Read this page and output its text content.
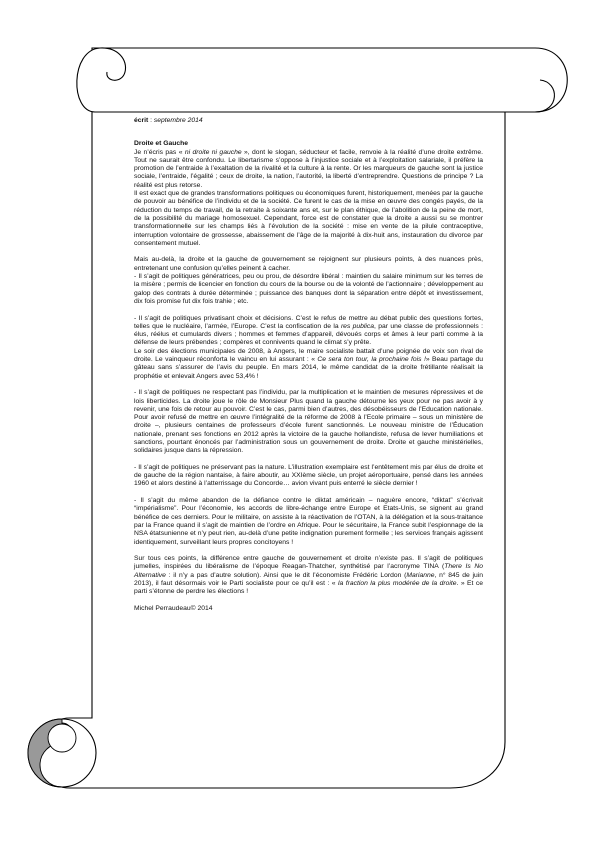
écrit : septembre 2014

Droite et Gauche

Je n’écris pas « ni droite ni gauche », dont le slogan, séducteur et facile, renvoie à la réalité d’une droite extrême. Tout ne saurait être confondu. Le libertarisme s’oppose à l’injustice sociale et à l’exploitation salariale, il préfère la promotion de l’entraide à l’exaltation de la rivalité et la culture à la rente. Or les marqueurs de gauche sont la justice sociale, l’entraide, l’égalité ; ceux de droite, la nation, l’autorité, la liberté d’entreprendre. Questions de principe ? La réalité est plus retorse.

Il est exact que de grandes transformations politiques ou économiques furent, historiquement, menées par la gauche de pouvoir au bénéfice de l’individu et de la société. Ce furent le cas de la mise en œuvre des congés payés, de la réduction du temps de travail, de la retraite à soixante ans et, sur le plan éthique, de l’abolition de la peine de mort, de la possibilité du mariage homosexuel. Cependant, force est de constater que la droite a aussi su se montrer transformationnelle sur les champs liés à l’évolution de la société : mise en vente de la pilule contraceptive, interruption volontaire de grossesse, abaissement de l’âge de la majorité à dix-huit ans, instauration du divorce par consentement mutuel.

Mais au-delà, la droite et la gauche de gouvernement se rejoignent sur plusieurs points, à des nuances près, entretenant une confusion qu’elles peinent à cacher.

- Il s’agit de politiques génératrices, peu ou prou, de désordre libéral : maintien du salaire minimum sur les terres de la misère ; permis de licencier en fonction du cours de la bourse ou de la volonté de l’actionnaire ; développement au galop des contrats à durée déterminée ; puissance des banques dont la séparation entre dépôt et investissement, dix fois promise fut dix fois trahie ; etc.

- Il s’agit de politiques privatisant choix et décisions. C’est le refus de mettre au débat public des questions fortes, telles que le nucléaire, l’armée, l’Europe. C’est la confiscation de la res publica, par une classe de professionnels : élus, réélus et cumulards divers ; hommes et femmes d’appareil, dévoués corps et âmes à leur parti comme à la défense de leurs prébendes ; compères et connivents quand le climat s’y prête.

Le soir des élections municipales de 2008, à Angers, le maire socialiste battait d’une poignée de voix son rival de droite. Le vainqueur réconforta le vaincu en lui assurant : « Ce sera ton tour, la prochaine fois !» Beau partage du gâteau sans s’assurer de l’avis du peuple. En mars 2014, le même candidat de la droite frétillante réalisait la prophétie et enlevait Angers avec 53,4% !

- Il s’agit de politiques ne respectant pas l’individu, par la multiplication et le maintien de mesures répressives et de lois liberticides. La droite joue le rôle de Monsieur Plus quand la gauche détourne les yeux pour ne pas avoir à y revenir, une fois de retour au pouvoir. C’est le cas, parmi bien d’autres, des désobéisseurs de l’Education nationale. Pour avoir refusé de mettre en œuvre l’intégralité de la réforme de 2008 à l’Ecole primaire – sous un ministère de droite –, plusieurs centaines de professeurs d’école furent sanctionnés. Le nouveau ministre de l’Éducation nationale, prenant ses fonctions en 2012 après la victoire de la gauche hollandiste, refusa de lever humiliations et sanctions, pourtant énoncés par l’administration sous un gouvernement de droite. Droite et gauche ministérielles, solidaires jusque dans la répression.

- Il s’agit de politiques ne préservant pas la nature. L’illustration exemplaire est l’entêtement mis par élus de droite et de gauche de la région nantaise, à faire aboutir, au XXIème siècle, un projet aéroportuaire, pensé dans les années 1960 et alors destiné à l’atterrissage du Concorde… avion vivant puis enterré le siècle dernier !

- Il s’agit du même abandon de la défiance contre le diktat américain – naguère encore, “diktat” s’écrivait “impérialisme”. Pour l’économie, les accords de libre-échange entre Europe et Etats-Unis, se signent au grand bénéfice de ces derniers. Pour le militaire, on assiste à la réactivation de l’OTAN, à la délégation et la sous-traitance par la France quand il s’agit de maintien de l’ordre en Afrique. Pour le sécuritaire, la France subit l’espionnage de la NSA étatsunienne et n’y peut rien, au-delà d’une petite indignation purement formelle ; les services français agissent identiquement, surveillant leurs propres concitoyens !

Sur tous ces points, la différence entre gauche de gouvernement et droite n’existe pas. Il s’agit de politiques jumelles, inspirées du libéralisme de l’époque Reagan-Thatcher, synthétisé par l’acronyme TINA (There Is No Alternative : il n’y a pas d’autre solution). Ainsi que le dit l’économiste Frédéric Lordon (Marianne, n° 845 de juin 2013), il faut désormais voir le Parti socialiste pour ce qu’il est : « la fraction la plus modérée de la droite. » Et ce parti s’étonne de perdre les élections !

Michel Perraudeau© 2014
